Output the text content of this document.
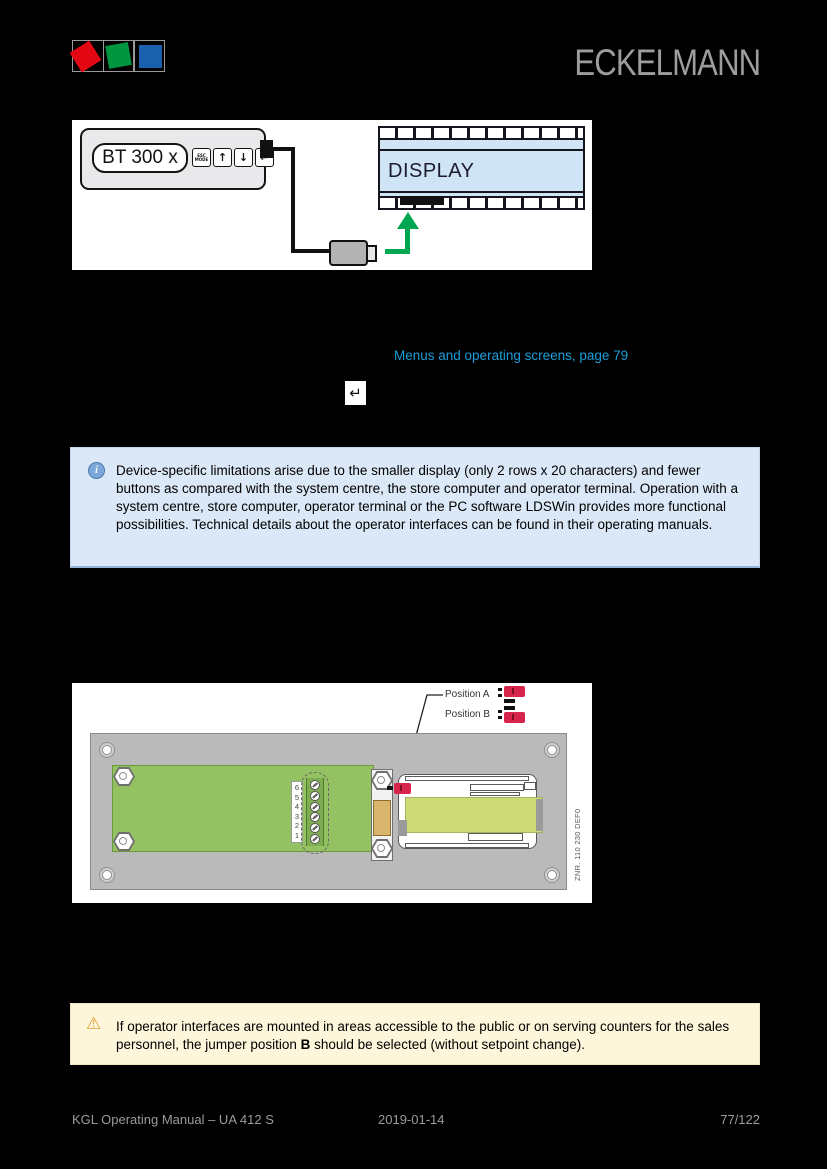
ECKELMANN
BT 300 x	ESC MODE ↑ ↓
DISPLAY
Menus and operating screens, page 79
↵
i	Device-specific limitations arise due to the smaller display (only 2 rows x 20 characters) and fewer buttons as compared with the system centre, the store computer and operator terminal. Operation with a system centre, store computer, operator terminal or the PC software LDSWin provides more functional possibilities. Technical details about the operator interfaces can be found in their operating manuals.

Position A
Position B
6
5
4
3
2
1	ZNR. 110 230 DEF0
⚠ If operator interfaces are mounted in areas accessible to the public or on serving counters for the sales personnel, the jumper position B should be selected (without setpoint change).

KGL Operating Manual – UA 412 S	2019-01-14	77/122
